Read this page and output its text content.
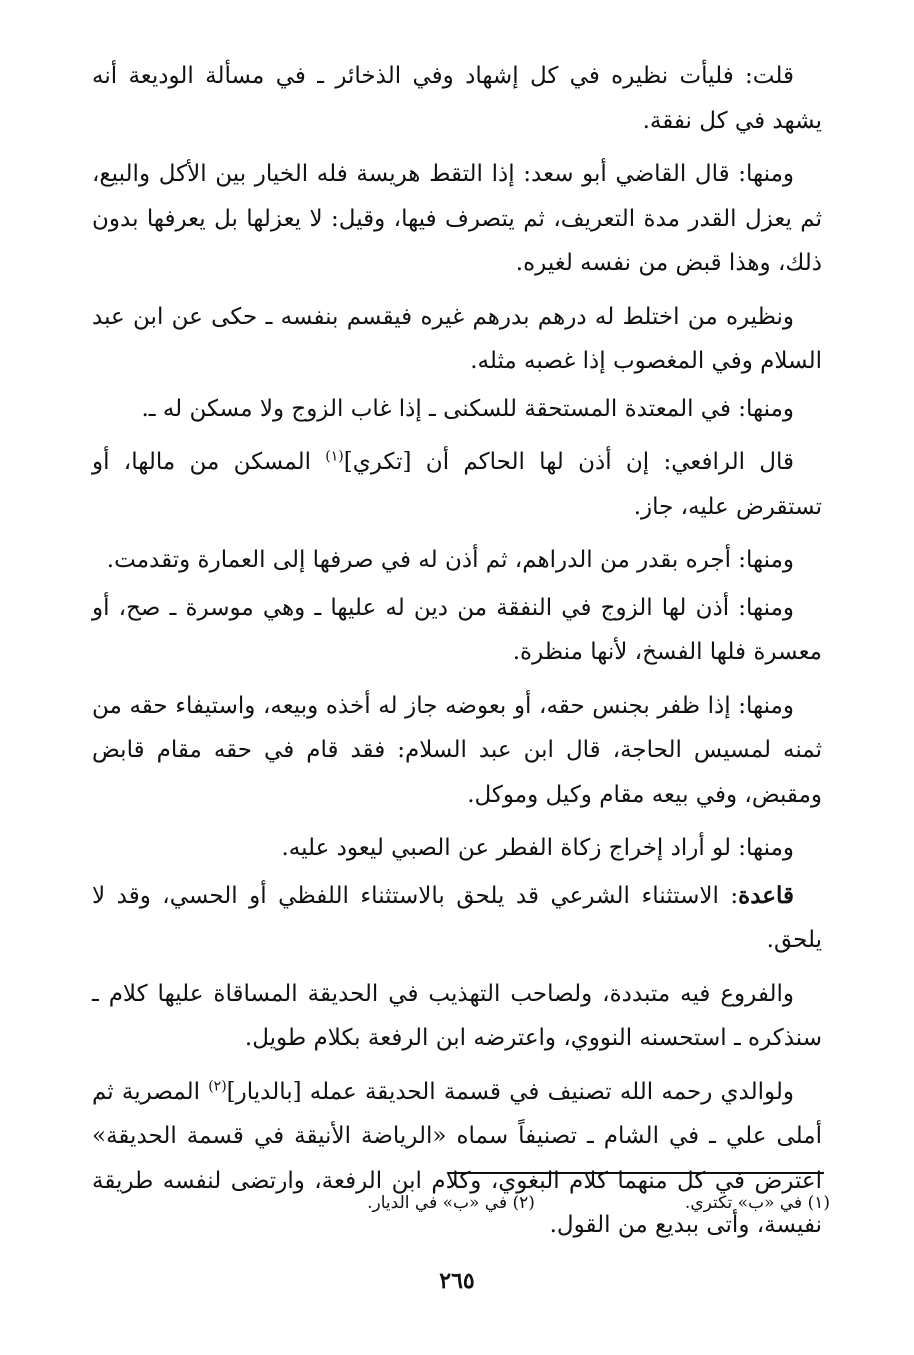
قلت: فليأت نظيره في كل إشهاد وفي الذخائر ـ في مسألة الوديعة أنه يشهد في كل نفقة.

ومنها: قال القاضي أبو سعد: إذا التقط هريسة فله الخيار بين الأكل والبيع، ثم يعزل القدر مدة التعريف، ثم يتصرف فيها، وقيل: لا يعزلها بل يعرفها بدون ذلك، وهذا قبض من نفسه لغيره.

ونظيره من اختلط له درهم بدرهم غيره فيقسم بنفسه ـ حكى عن ابن عبد السلام وفي المغصوب إذا غصبه مثله.

ومنها: في المعتدة المستحقة للسكنى ـ إذا غاب الزوج ولا مسكن له ـ.

قال الرافعي: إن أذن لها الحاكم أن [تكري]$^{(١)}$ المسكن من مالها، أو تستقرض عليه، جاز.

ومنها: أجره بقدر من الدراهم، ثم أذن له في صرفها إلى العمارة وتقدمت.

ومنها: أذن لها الزوج في النفقة من دين له عليها ـ وهي موسرة ـ صح، أو معسرة فلها الفسخ، لأنها منظرة.

ومنها: إذا ظفر بجنس حقه، أو بعوضه جاز له أخذه وبيعه، واستيفاء حقه من ثمنه لمسيس الحاجة، قال ابن عبد السلام: فقد قام في حقه مقام قابض ومقبض، وفي بيعه مقام وكيل وموكل.

ومنها: لو أراد إخراج زكاة الفطر عن الصبي ليعود عليه.

قاعدة: الاستثناء الشرعي قد يلحق بالاستثناء اللفظي أو الحسي، وقد لا يلحق.

والفروع فيه متبددة، ولصاحب التهذيب في الحديقة المساقاة عليها كلام ـ سنذكره ـ استحسنه النووي، واعترضه ابن الرفعة بكلام طويل.

ولوالدي رحمه الله تصنيف في قسمة الحديقة عمله [بالديار]$^{(٢)}$ المصرية ثم أملى علي ـ في الشام ـ تصنيفاً سماه «الرياضة الأنيقة في قسمة الحديقة» اعترض في كل منهما كلام البغوي، وكلام ابن الرفعة، وارتضى لنفسه طريقة نفيسة، وأتى ببديع من القول.

(١) في «ب» تكتري.
(٢) في «ب» في الديار.
٢٦٥
